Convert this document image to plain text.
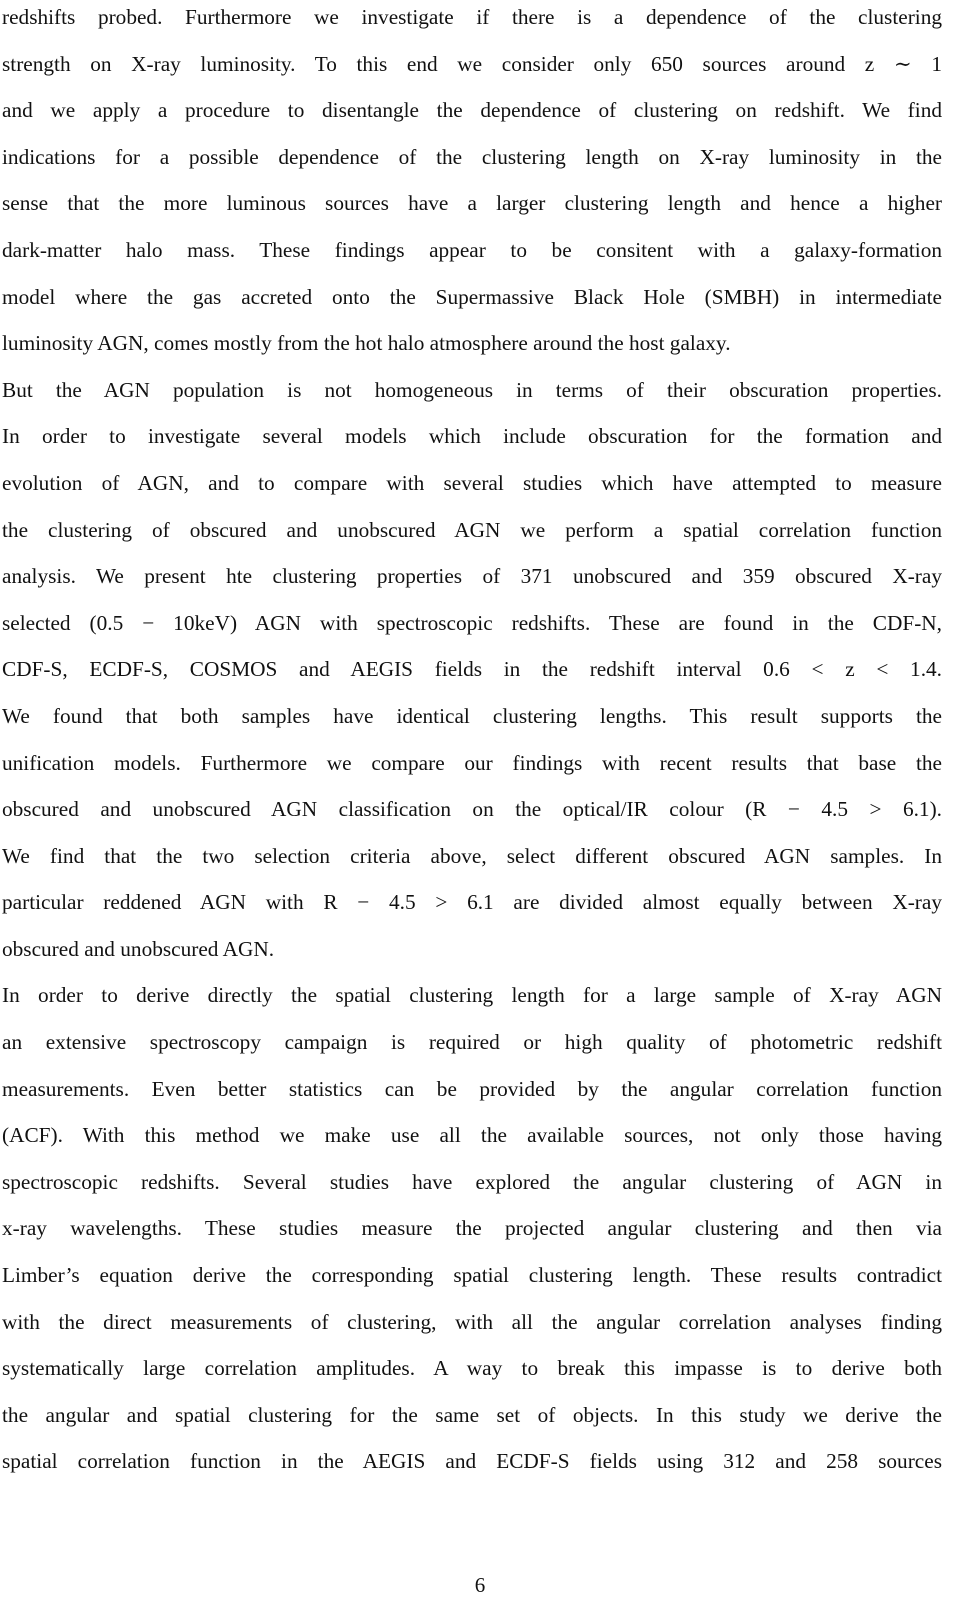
redshifts probed. Furthermore we investigate if there is a dependence of the clustering
strength on X-ray luminosity. To this end we consider only 650 sources around z ∼ 1
and we apply a procedure to disentangle the dependence of clustering on redshift. We find
indications for a possible dependence of the clustering length on X-ray luminosity in the
sense that the more luminous sources have a larger clustering length and hence a higher
dark-matter halo mass. These findings appear to be consitent with a galaxy-formation
model where the gas accreted onto the Supermassive Black Hole (SMBH) in intermediate
luminosity AGN, comes mostly from the hot halo atmosphere around the host galaxy.
But the AGN population is not homogeneous in terms of their obscuration properties.
In order to investigate several models which include obscuration for the formation and
evolution of AGN, and to compare with several studies which have attempted to measure
the clustering of obscured and unobscured AGN we perform a spatial correlation function
analysis. We present hte clustering properties of 371 unobscured and 359 obscured X-ray
selected (0.5 − 10keV) AGN with spectroscopic redshifts. These are found in the CDF-N,
CDF-S, ECDF-S, COSMOS and AEGIS fields in the redshift interval 0.6 < z < 1.4.
We found that both samples have identical clustering lengths. This result supports the
unification models. Furthermore we compare our findings with recent results that base the
obscured and unobscured AGN classification on the optical/IR colour (R − 4.5 > 6.1).
We find that the two selection criteria above, select different obscured AGN samples. In
particular reddened AGN with R − 4.5 > 6.1 are divided almost equally between X-ray
obscured and unobscured AGN.
In order to derive directly the spatial clustering length for a large sample of X-ray AGN
an extensive spectroscopy campaign is required or high quality of photometric redshift
measurements. Even better statistics can be provided by the angular correlation function
(ACF). With this method we make use all the available sources, not only those having
spectroscopic redshifts. Several studies have explored the angular clustering of AGN in
x-ray wavelengths. These studies measure the projected angular clustering and then via
Limber’s equation derive the corresponding spatial clustering length. These results contradict
with the direct measurements of clustering, with all the angular correlation analyses finding
systematically large correlation amplitudes. A way to break this impasse is to derive both
the angular and spatial clustering for the same set of objects. In this study we derive the
spatial correlation function in the AEGIS and ECDF-S fields using 312 and 258 sources
6
